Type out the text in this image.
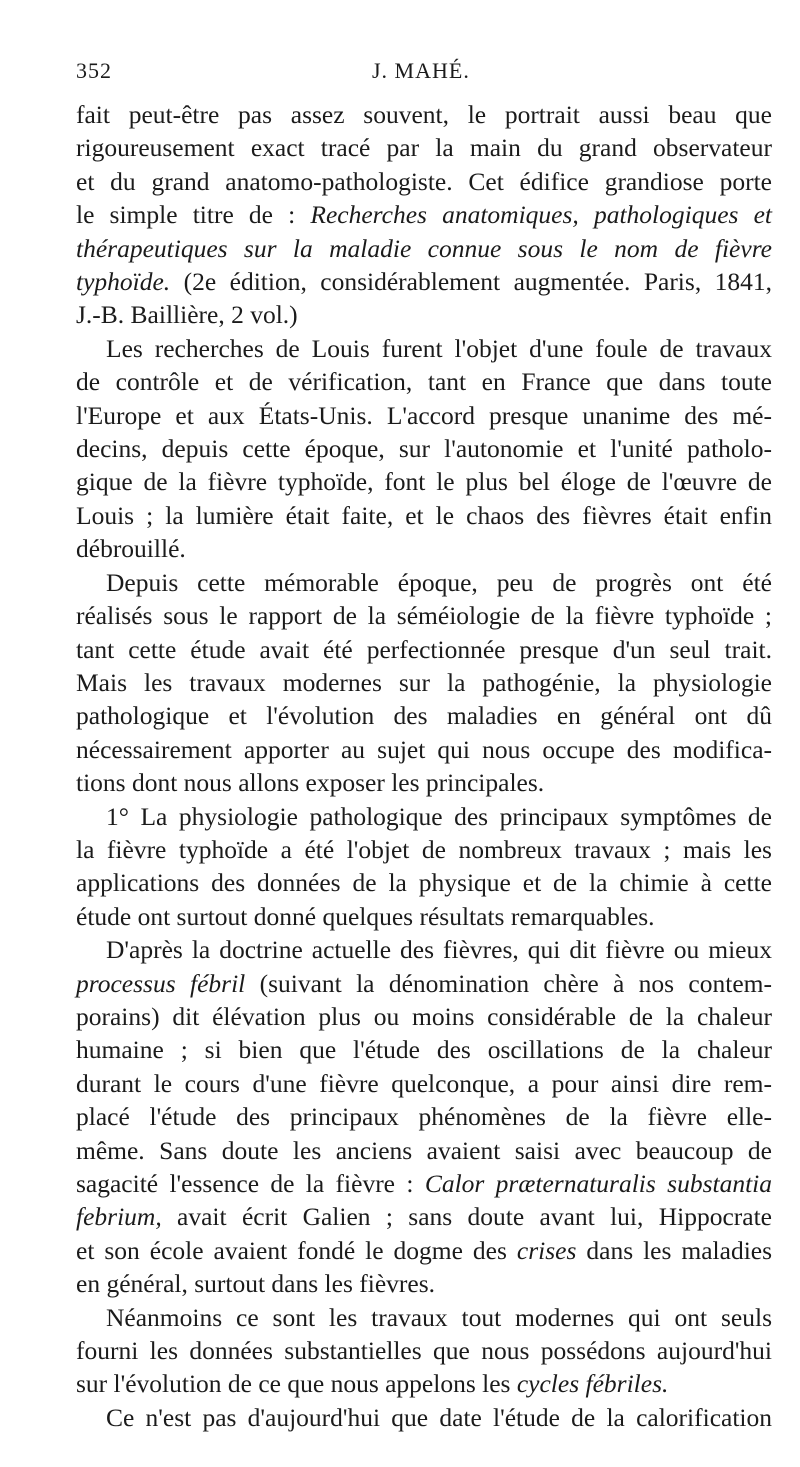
352	J. MAHÉ.
fait peut-être pas assez souvent, le portrait aussi beau que
rigoureusement exact tracé par la main du grand observateur
et du grand anatomo-pathologiste. Cet édifice grandiose porte
le simple titre de : Recherches anatomiques, pathologiques et
thérapeutiques sur la maladie connue sous le nom de fièvre
typhoïde. (2e édition, considérablement augmentée. Paris, 1841,
J.-B. Baillière, 2 vol.)
Les recherches de Louis furent l'objet d'une foule de travaux
de contrôle et de vérification, tant en France que dans toute
l'Europe et aux États-Unis. L'accord presque unanime des mé-
decins, depuis cette époque, sur l'autonomie et l'unité patholo-
gique de la fièvre typhoïde, font le plus bel éloge de l'œuvre de
Louis ; la lumière était faite, et le chaos des fièvres était enfin
débrouillé.
Depuis cette mémorable époque, peu de progrès ont été
réalisés sous le rapport de la séméiologie de la fièvre typhoïde ;
tant cette étude avait été perfectionnée presque d'un seul trait.
Mais les travaux modernes sur la pathogénie, la physiologie
pathologique et l'évolution des maladies en général ont dû
nécessairement apporter au sujet qui nous occupe des modifica-
tions dont nous allons exposer les principales.
1° La physiologie pathologique des principaux symptômes de
la fièvre typhoïde a été l'objet de nombreux travaux ; mais les
applications des données de la physique et de la chimie à cette
étude ont surtout donné quelques résultats remarquables.
D'après la doctrine actuelle des fièvres, qui dit fièvre ou mieux
processus fébril (suivant la dénomination chère à nos contem-
porains) dit élévation plus ou moins considérable de la chaleur
humaine ; si bien que l'étude des oscillations de la chaleur
durant le cours d'une fièvre quelconque, a pour ainsi dire rem-
placé l'étude des principaux phénomènes de la fièvre elle-
même. Sans doute les anciens avaient saisi avec beaucoup de
sagacité l'essence de la fièvre : Calor præternaturalis substantia
febrium, avait écrit Galien ; sans doute avant lui, Hippocrate
et son école avaient fondé le dogme des crises dans les maladies
en général, surtout dans les fièvres.
Néanmoins ce sont les travaux tout modernes qui ont seuls
fourni les données substantielles que nous possédons aujourd'hui
sur l'évolution de ce que nous appelons les cycles fébriles.
Ce n'est pas d'aujourd'hui que date l'étude de la calorification
